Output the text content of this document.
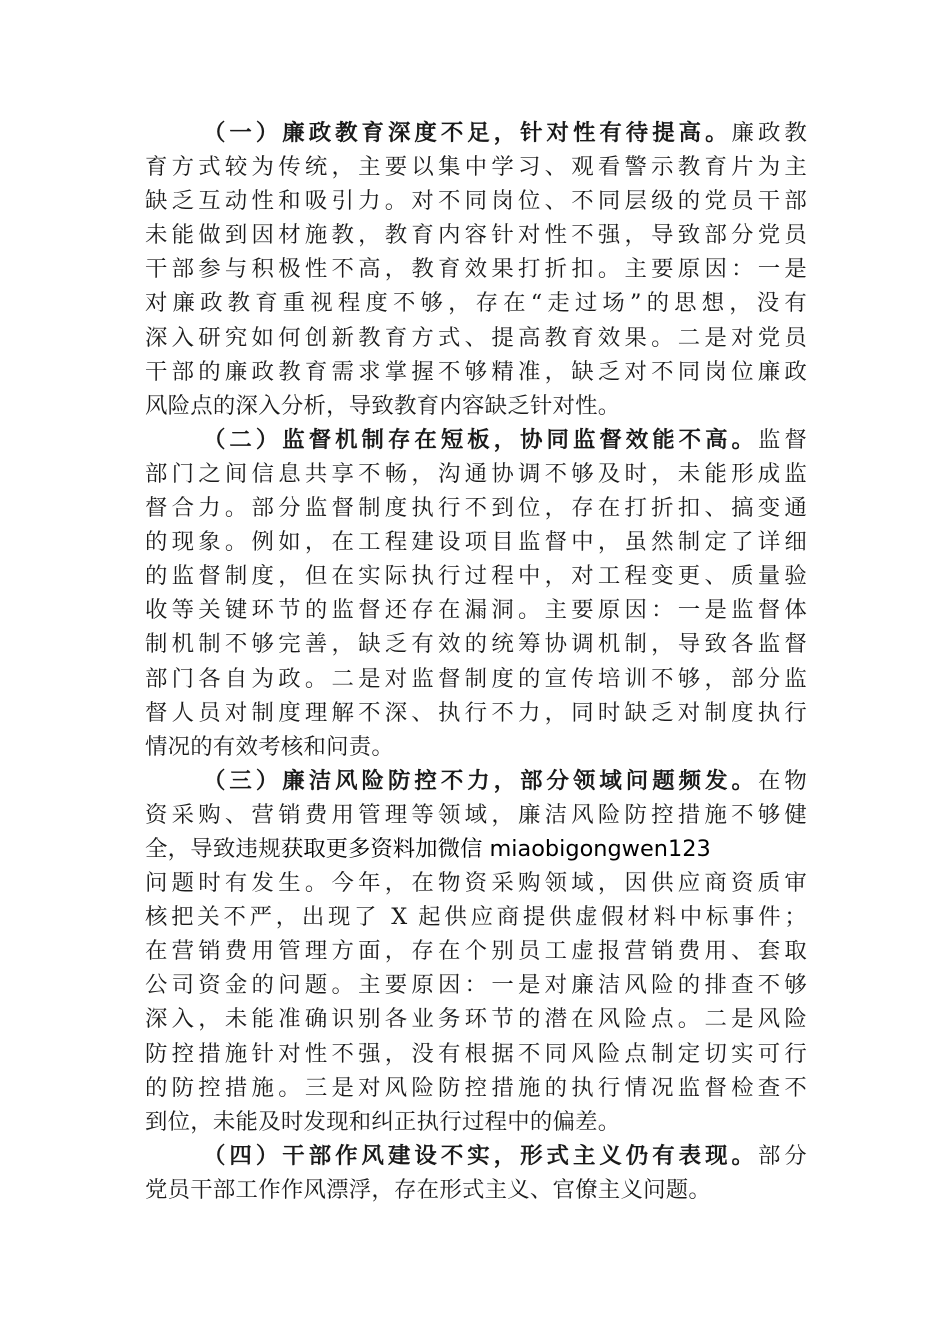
（一）廉政教育深度不足，针对性有待提高。廉政教
育方式较为传统，主要以集中学习、观看警示教育片为主
缺乏互动性和吸引力。对不同岗位、不同层级的党员干部
未能做到因材施教，教育内容针对性不强，导致部分党员
干部参与积极性不高，教育效果打折扣。主要原因：一是
对廉政教育重视程度不够，存在“走过场”的思想，没有
深入研究如何创新教育方式、提高教育效果。二是对党员
干部的廉政教育需求掌握不够精准，缺乏对不同岗位廉政
风险点的深入分析，导致教育内容缺乏针对性。
（二）监督机制存在短板，协同监督效能不高。监督
部门之间信息共享不畅，沟通协调不够及时，未能形成监
督合力。部分监督制度执行不到位，存在打折扣、搞变通
的现象。例如，在工程建设项目监督中，虽然制定了详细
的监督制度，但在实际执行过程中，对工程变更、质量验
收等关键环节的监督还存在漏洞。主要原因：一是监督体
制机制不够完善，缺乏有效的统筹协调机制，导致各监督
部门各自为政。二是对监督制度的宣传培训不够，部分监
督人员对制度理解不深、执行不力，同时缺乏对制度执行
情况的有效考核和问责。
（三）廉洁风险防控不力，部分领域问题频发。在物
资采购、营销费用管理等领域，廉洁风险防控措施不够健
全，导致违规获取更多资料加微信 miaobigongwen123
问题时有发生。今年，在物资采购领域，因供应商资质审
核把关不严，出现了 X 起供应商提供虚假材料中标事件；
在营销费用管理方面，存在个别员工虚报营销费用、套取
公司资金的问题。主要原因：一是对廉洁风险的排查不够
深入，未能准确识别各业务环节的潜在风险点。二是风险
防控措施针对性不强，没有根据不同风险点制定切实可行
的防控措施。三是对风险防控措施的执行情况监督检查不
到位，未能及时发现和纠正执行过程中的偏差。
（四）干部作风建设不实，形式主义仍有表现。部分
党员干部工作作风漂浮，存在形式主义、官僚主义问题。
